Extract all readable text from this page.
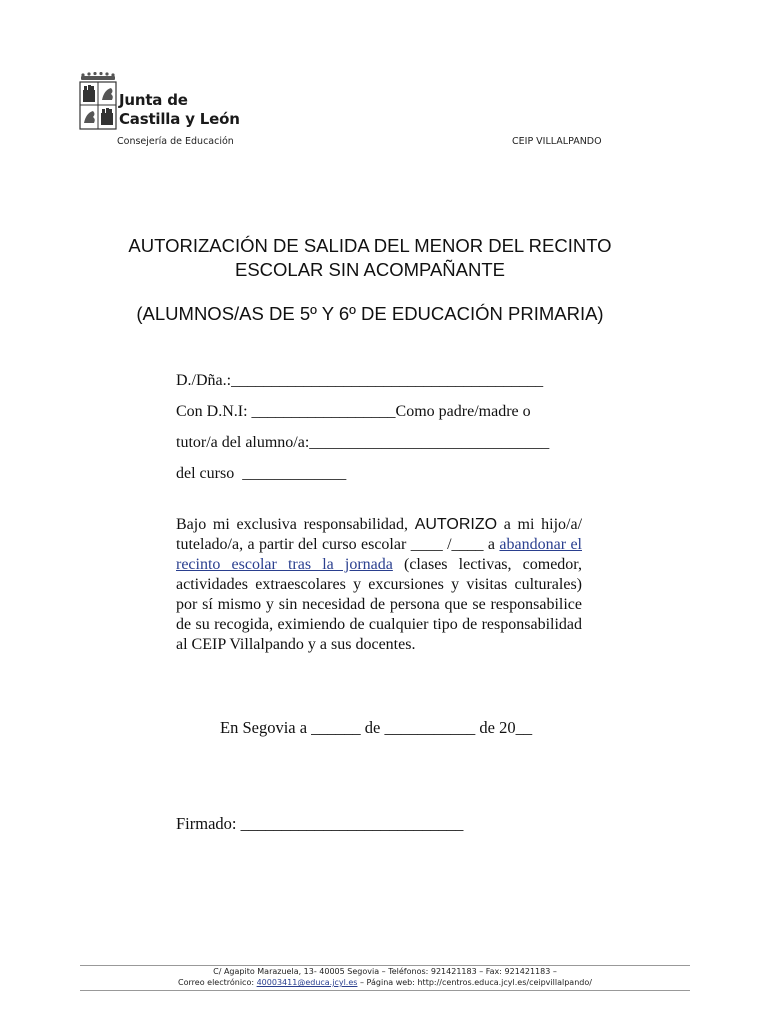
Junta de
Castilla y León
Consejería de Educación	CEIP VILLALPANDO
AUTORIZACIÓN DE SALIDA DEL MENOR DEL RECINTO
ESCOLAR SIN ACOMPAÑANTE
(ALUMNOS/AS DE 5º Y 6º DE EDUCACIÓN PRIMARIA)
D./Dña.:_______________________________________
Con D.N.I: __________________Como padre/madre o
tutor/a del alumno/a:______________________________
del curso  _____________
Bajo mi exclusiva responsabilidad, AUTORIZO a mi hijo/a/ tutelado/a, a partir del curso escolar ____ /____ a abandonar el recinto escolar tras la jornada (clases lectivas, comedor, actividades extraescolares y excursiones y visitas culturales) por sí mismo y sin necesidad de persona que se responsabilice de su recogida, eximiendo de cualquier tipo de responsabilidad al CEIP Villalpando y a sus docentes.
En Segovia a ______ de ___________ de 20__
Firmado: ___________________________
C/ Agapito Marazuela, 13- 40005 Segovia – Teléfonos: 921421183 – Fax: 921421183 –
Correo electrónico: 40003411@educa.jcyl.es – Página web: http://centros.educa.jcyl.es/ceipvillalpando/
